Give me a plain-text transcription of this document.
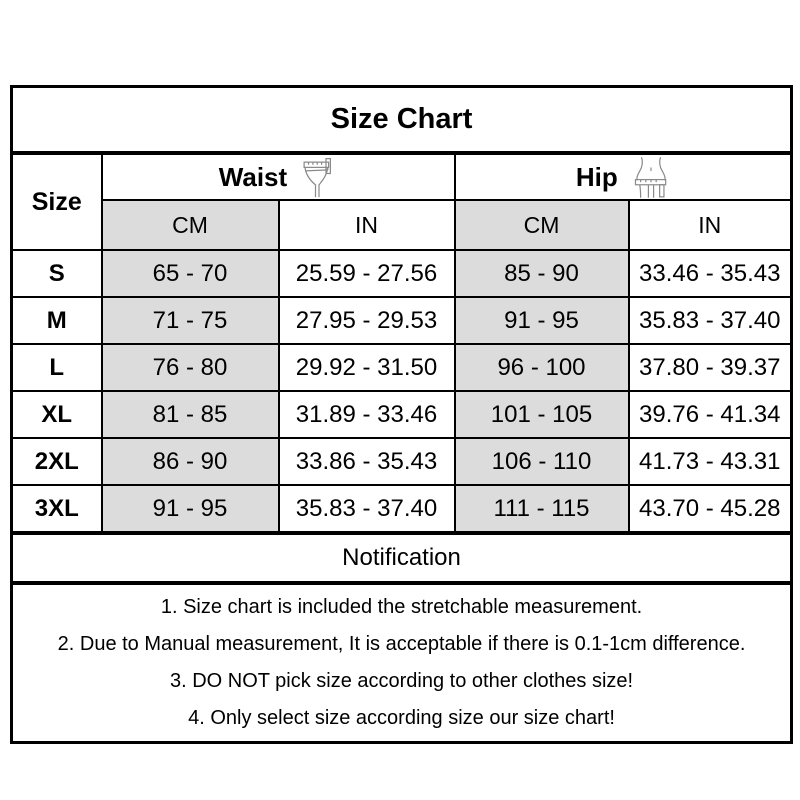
Size Chart				
Size	Waist		Hip	

	CM	IN	CM	IN
S	65 - 70	25.59 - 27.56	85 - 90	33.46 - 35.43
M	71 - 75	27.95 - 29.53	91 - 95	35.83 - 37.40
L	76 - 80	29.92 - 31.50	96 - 100	37.80 - 39.37
XL	81 - 85	31.89 - 33.46	101 - 105	39.76 - 41.34
2XL	86 - 90	33.86 - 35.43	106 - 110	41.73 - 43.31
3XL	91 - 95	35.83 - 37.40	111 - 115	43.70 - 45.28
Notification				

1. Size chart is included the stretchable measurement.
2. Due to Manual measurement, It is acceptable if there is 0.1-1cm difference.
3. DO NOT pick size according to other clothes size!
4. Only select size according size our size chart!				
